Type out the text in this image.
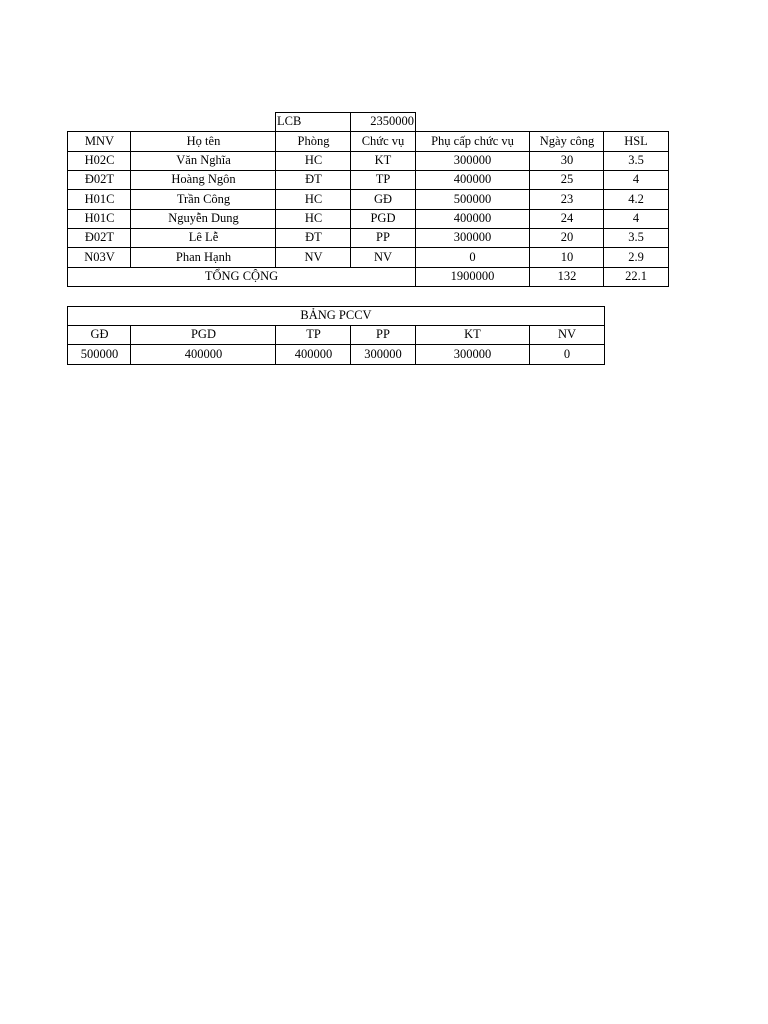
LCB	2350000
MNV	Họ tên	Phòng	Chức vụ	Phụ cấp chức vụ	Ngày công	HSL
H02C	Văn Nghĩa	HC	KT	300000	30	3.5
Đ02T	Hoàng Ngôn	ĐT	TP	400000	25	4
H01C	Trần Công	HC	GĐ	500000	23	4.2
H01C	Nguyễn Dung	HC	PGD	400000	24	4
Đ02T	Lê Lễ	ĐT	PP	300000	20	3.5
N03V	Phan Hạnh	NV	NV	0	10	2.9
TỔNG CỘNG	1900000	132	22.1
BẢNG PCCV
GĐ	PGD	TP	PP	KT	NV
500000	400000	400000	300000	300000	0
